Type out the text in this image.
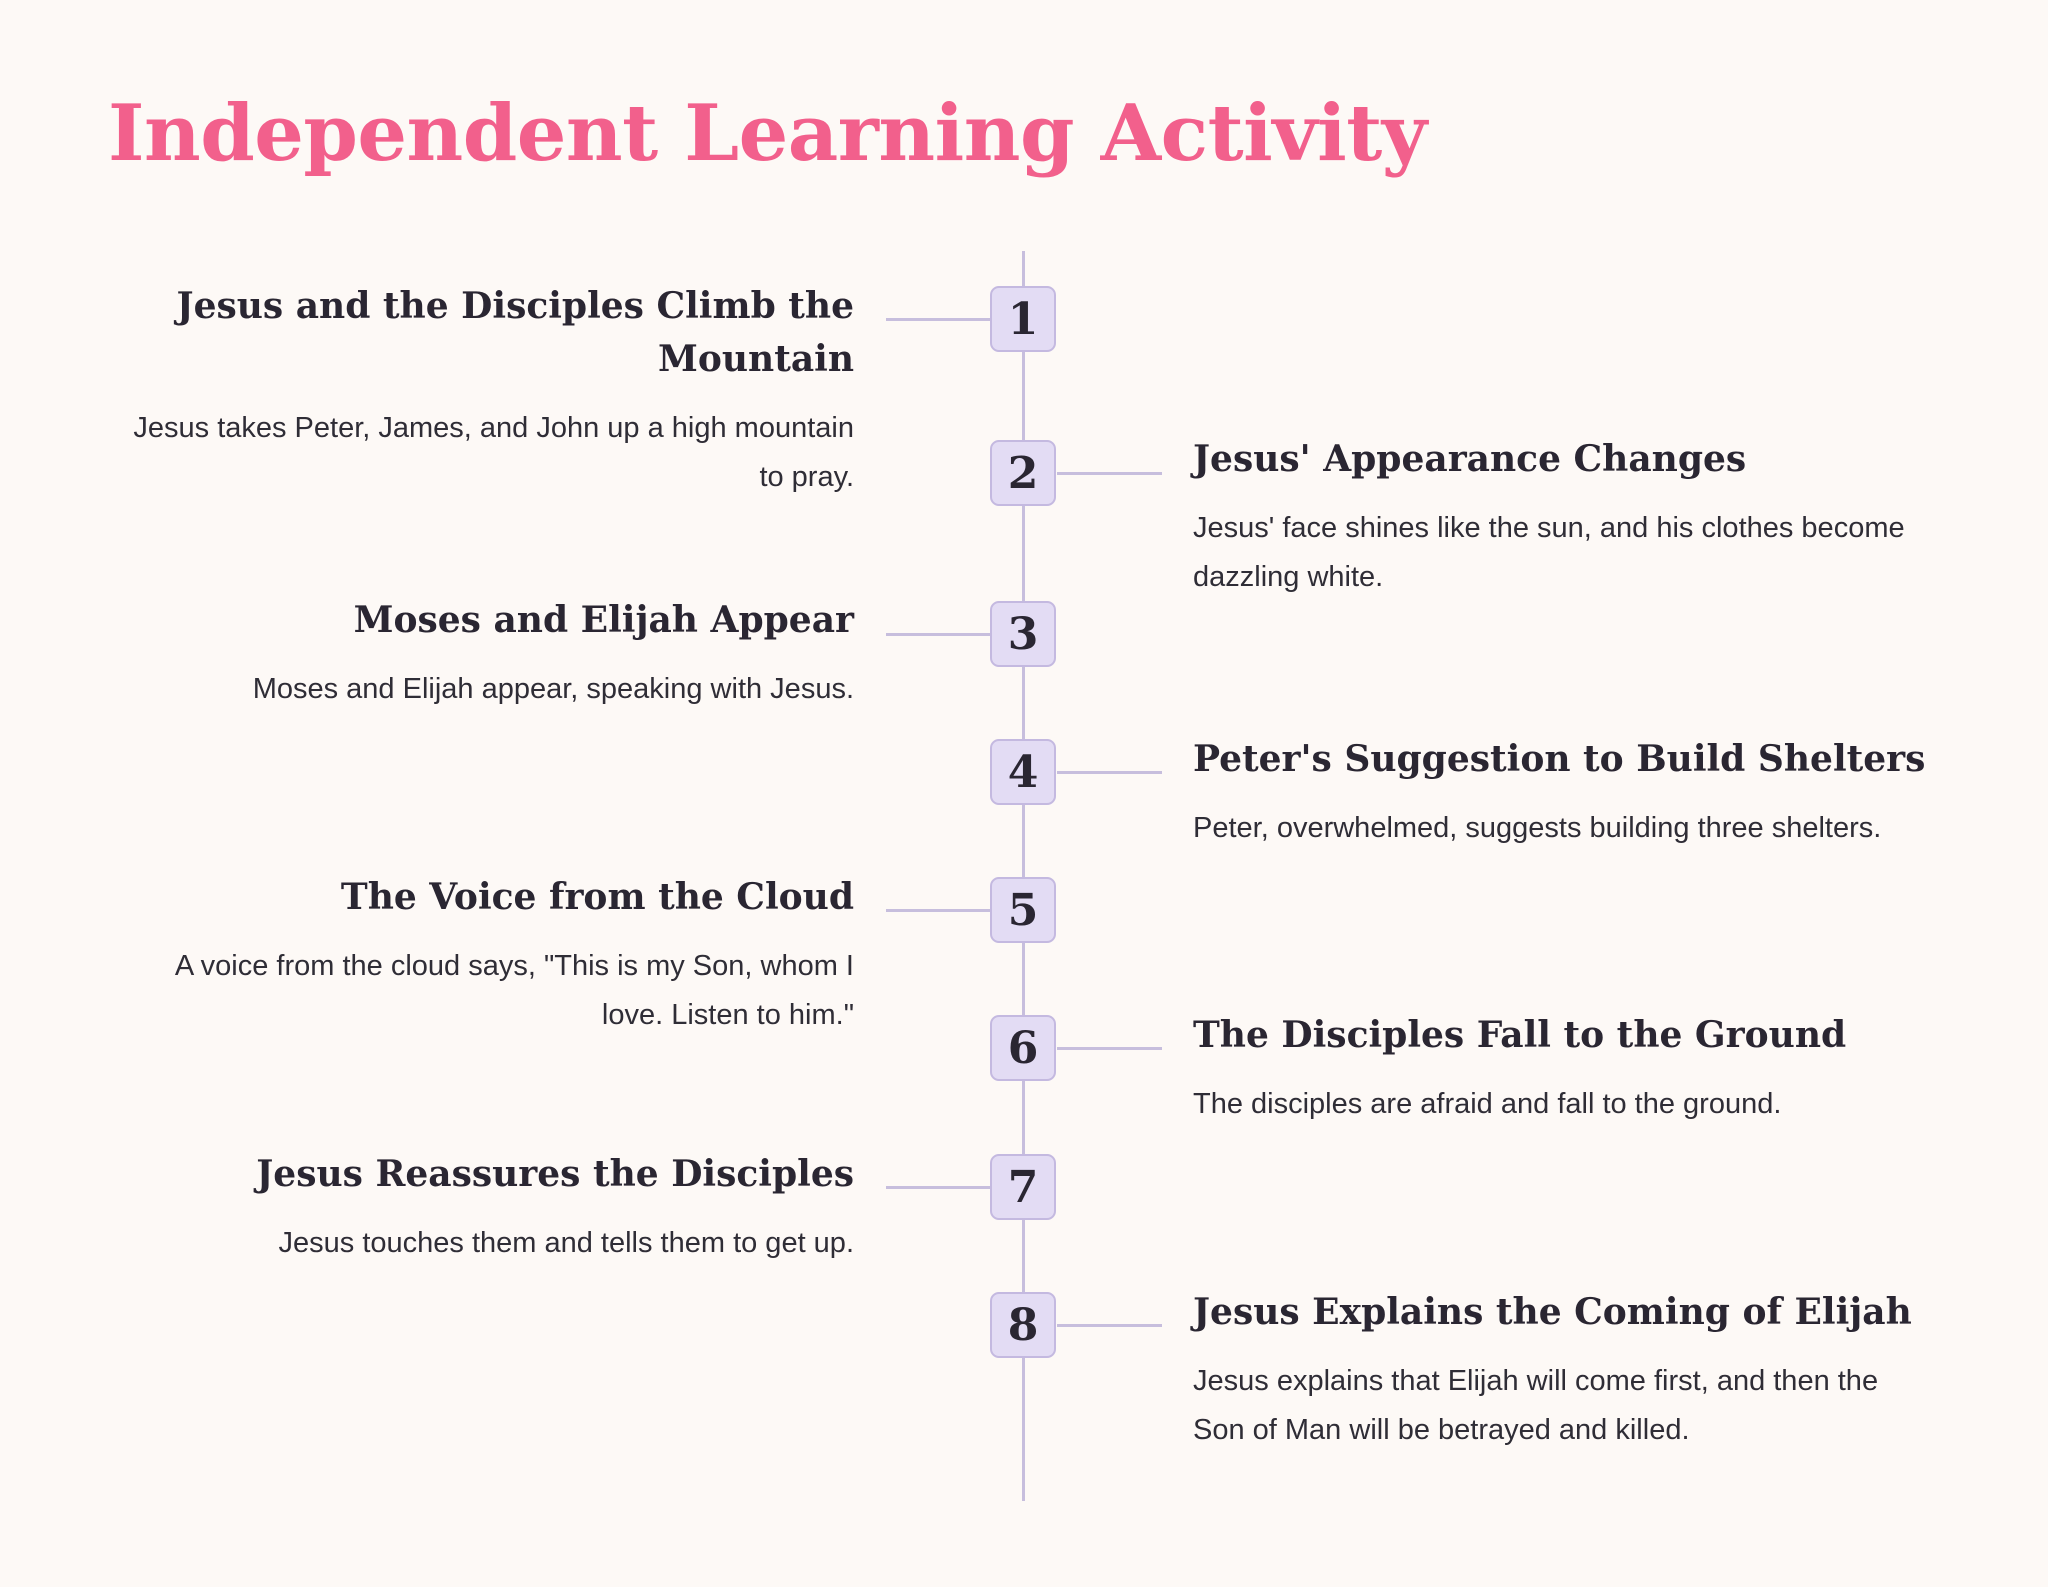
Independent Learning Activity
1
Jesus and the Disciples Climb the Mountain

Jesus takes Peter, James, and John up a high mountain to pray.	2	Jesus' Appearance Changes

Jesus' face shines like the sun, and his clothes become dazzling white.

3
Moses and Elijah Appear

Moses and Elijah appear, speaking with Jesus.

4	Peter's Suggestion to Build Shelters

Peter, overwhelmed, suggests building three shelters.

5
The Voice from the Cloud

A voice from the cloud says, "This is my Son, whom I love. Listen to him."

6	The Disciples Fall to the Ground

The disciples are afraid and fall to the ground.

7
Jesus Reassures the Disciples

Jesus touches them and tells them to get up.

8	Jesus Explains the Coming of Elijah

Jesus explains that Elijah will come first, and then the Son of Man will be betrayed and killed.
